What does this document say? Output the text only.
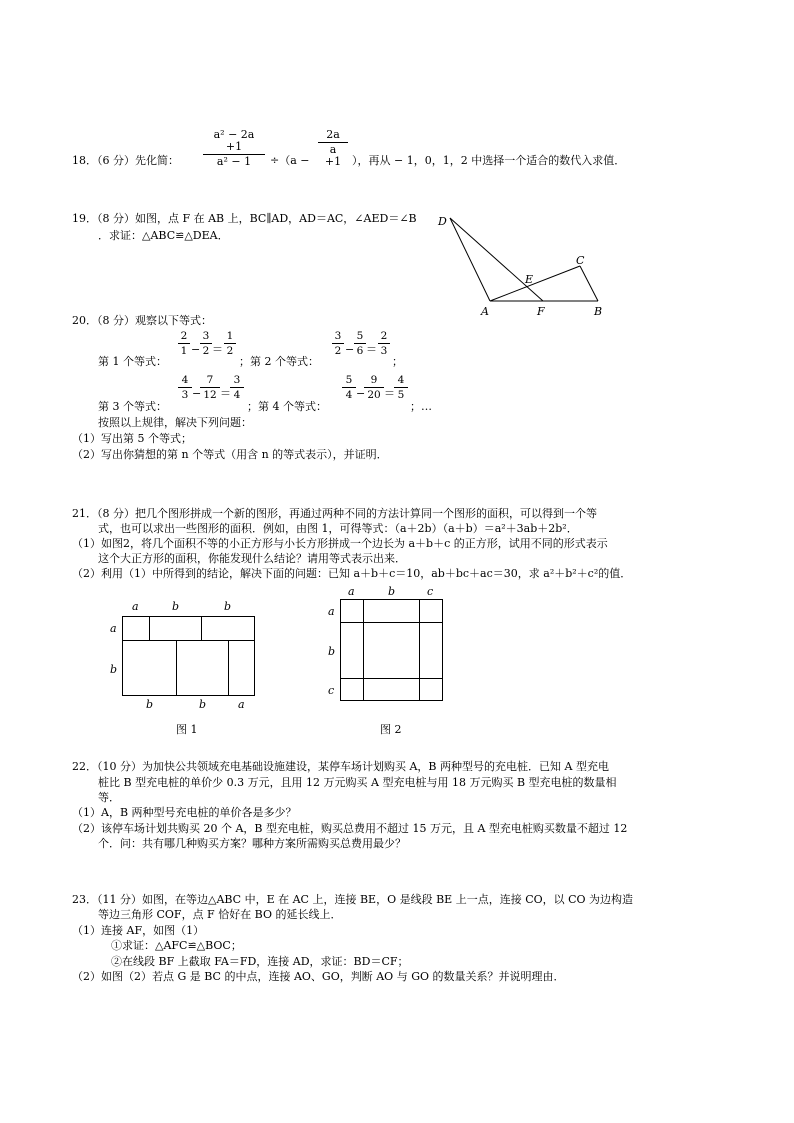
18．（6 分）先化简： $\frac{\text{a² − 2a +1}}{\text{a² − 1}} \div(a - \frac{2a}{a +1}$ ），再从 − 1，0，1，2 中选择一个适合的数代入求值．
19．（8 分）如图，点 F 在 AB 上，BC∥AD，AD＝AC，∠AED＝∠B
．求证：△ABC≌△DEA．
D
E
C
A	F	B
20．（8 分）观察以下等式：
第 1 个等式：
$\frac{2}{1} - \frac{3}{2} = \frac{1}{2}$
；第 2 个等式：
$\frac{3}{2} - \frac{5}{6} = \frac{2}{3}$
；
第 3 个等式：
$\frac{4}{3}$ −
$\frac{7}{12} = \frac{3}{4}$
；第 4 个等式：
$\frac{5}{4}$ −
$\frac{9}{20} = \frac{4}{5}$
；…
按照以上规律，解决下列问题：
（1）写出第 5 个等式；
（2）写出你猜想的第 n 个等式（用含 n 的等式表示），并证明．
21．（8 分）把几个图形拼成一个新的图形，再通过两种不同的方法计算同一个图形的面积，可以得到一个等
式，也可以求出一些图形的面积．例如，由图 1，可得等式：（a＋2b）（a＋b）＝a²＋3ab＋2b²．
（1）如图2，将几个面积不等的小正方形与小长方形拼成一个边长为 a＋b＋c 的正方形，试用不同的形式表示
这个大正方形的面积，你能发现什么结论？请用等式表示出来．
（2）利用（1）中所得到的结论，解决下面的问题：已知 a＋b＋c＝10，ab＋bc＋ac＝30，求 a²＋b²＋c²的值．
a	b	b
a
b
b	b	a
图 1
a	b	c
a
b
c
图 2
22．（10 分）为加快公共领域充电基础设施建设，某停车场计划购买 A，B 两种型号的充电桩．已知 A 型充电
桩比 B 型充电桩的单价少 0.3 万元，且用 12 万元购买 A 型充电桩与用 18 万元购买 B 型充电桩的数量相
等．
（1）A，B 两种型号充电桩的单价各是多少？
（2）该停车场计划共购买 20 个 A，B 型充电桩，购买总费用不超过 15 万元，且 A 型充电桩购买数量不超过 12
个．问：共有哪几种购买方案？哪种方案所需购买总费用最少？
23．（11 分）如图，在等边△ABC 中，E 在 AC 上，连接 BE，O 是线段 BE 上一点，连接 CO，以 CO 为边构造
等边三角形 COF，点 F 恰好在 BO 的延长线上．
（1）连接 AF，如图（1）
①求证：△AFC≌△BOC；
②在线段 BF 上截取 FA＝FD，连接 AD，求证：BD＝CF；
（2）如图（2）若点 G 是 BC 的中点，连接 AO、GO，判断 AO 与 GO 的数量关系？并说明理由．
